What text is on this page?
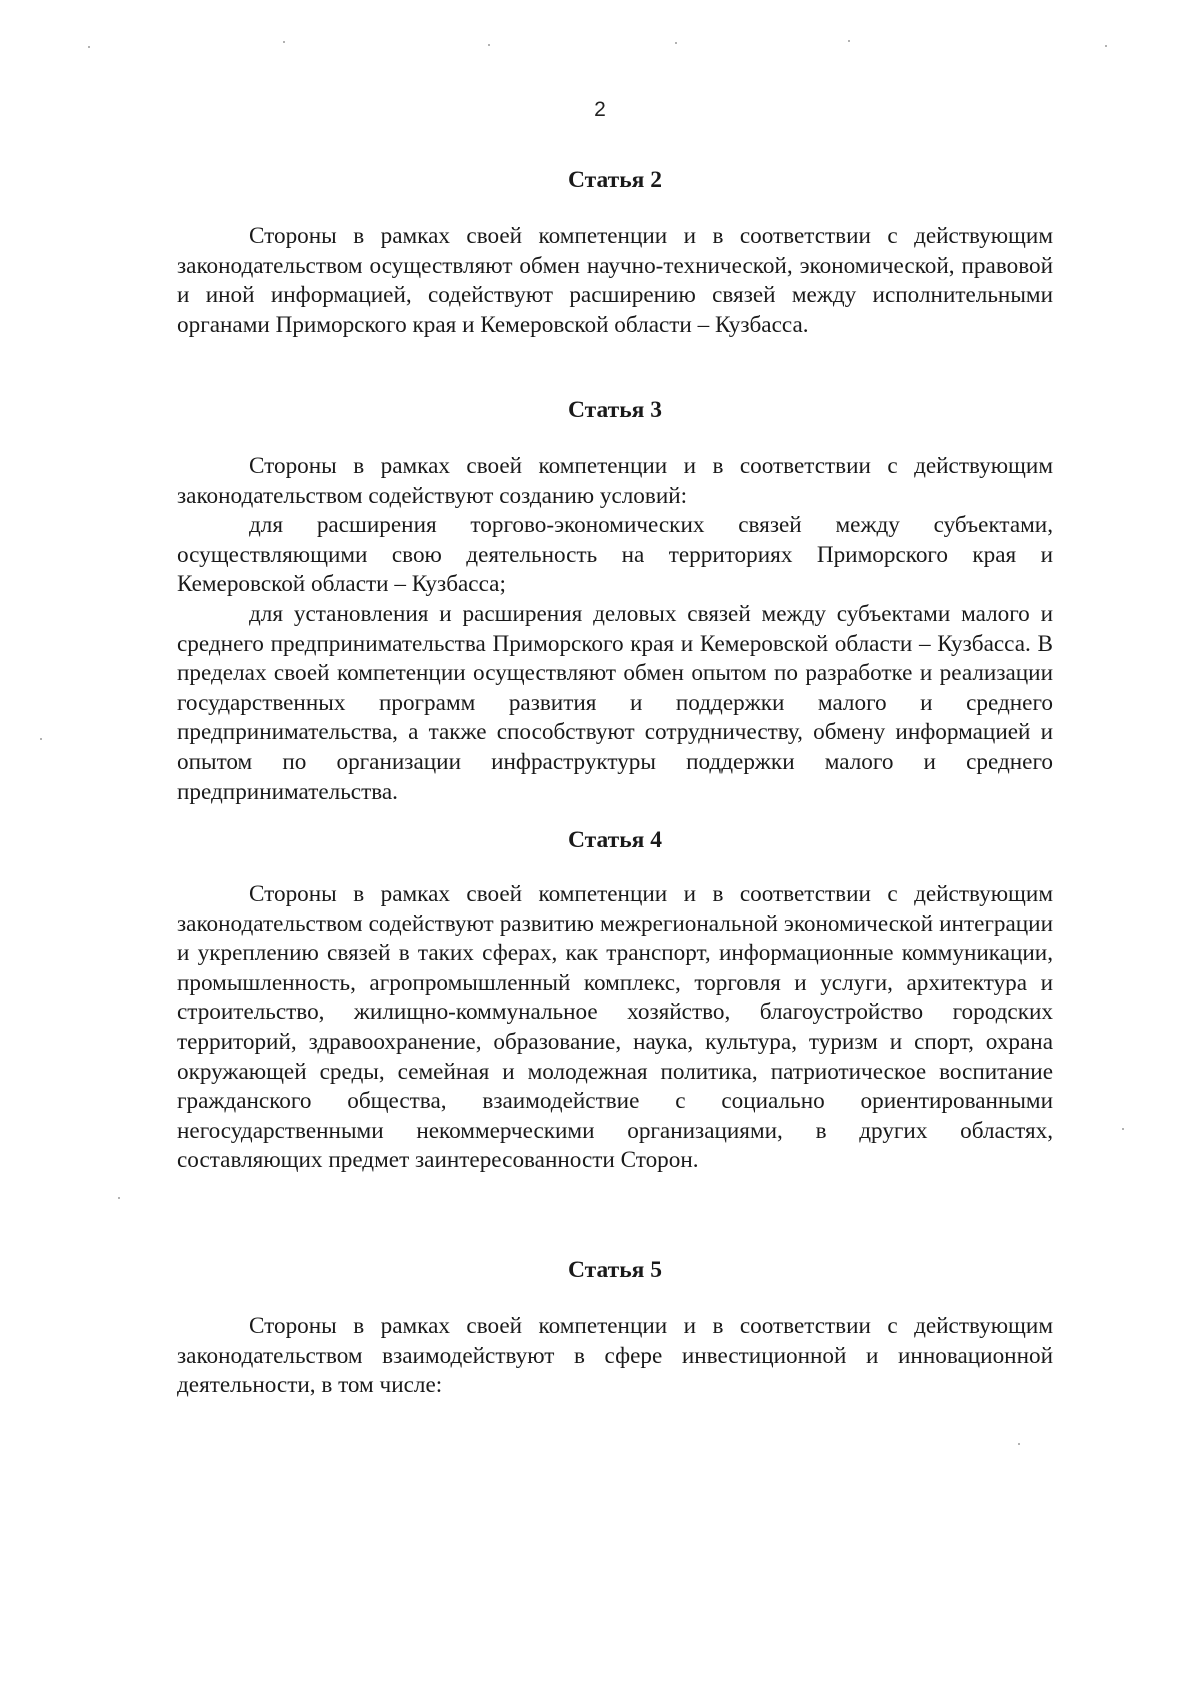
2
Статья 2

Стороны в рамках своей компетенции и в соответствии с действующим законодательством осуществляют обмен научно-технической, экономической, правовой и иной информацией, содействуют расширению связей между исполнительными органами Приморского края и Кемеровской области – Кузбасса.

Статья 3

Стороны в рамках своей компетенции и в соответствии с действующим законодательством содействуют созданию условий:

для расширения торгово-экономических связей между субъектами, осуществляющими свою деятельность на территориях Приморского края и Кемеровской области – Кузбасса;

для установления и расширения деловых связей между субъектами малого и среднего предпринимательства Приморского края и Кемеровской области – Кузбасса. В пределах своей компетенции осуществляют обмен опытом по разработке и реализации государственных программ развития и поддержки малого и среднего предпринимательства, а также способствуют сотрудничеству, обмену информацией и опытом по организации инфраструктуры поддержки малого и среднего предпринимательства.

Статья 4

Стороны в рамках своей компетенции и в соответствии с действующим законодательством содействуют развитию межрегиональной экономической интеграции и укреплению связей в таких сферах, как транспорт, информационные коммуникации, промышленность, агропромышленный комплекс, торговля и услуги, архитектура и строительство, жилищно-коммунальное хозяйство, благоустройство городских территорий, здравоохранение, образование, наука, культура, туризм и спорт, охрана окружающей среды, семейная и молодежная политика, патриотическое воспитание гражданского общества, взаимодействие с социально ориентированными негосударственными некоммерческими организациями, в других областях, составляющих предмет заинтересованности Сторон.

Статья 5

Стороны в рамках своей компетенции и в соответствии с действующим законодательством взаимодействуют в сфере инвестиционной и инновационной деятельности, в том числе:
